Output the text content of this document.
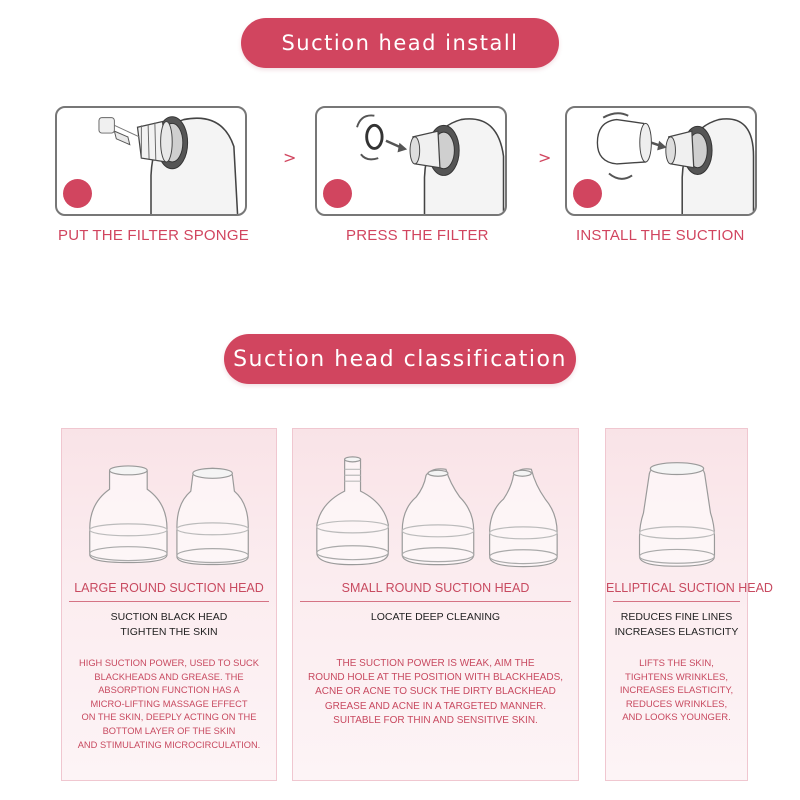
Suction head install
>	>
PUT THE FILTER SPONGE	PRESS THE FILTER	INSTALL THE SUCTION
Suction head classification
LARGE ROUND SUCTION HEAD
SUCTION BLACK HEAD
TIGHTEN THE SKIN
HIGH SUCTION POWER, USED TO SUCK
BLACKHEADS AND GREASE. THE
ABSORPTION FUNCTION HAS A
MICRO-LIFTING MASSAGE EFFECT
ON THE SKIN, DEEPLY ACTING ON THE
BOTTOM LAYER OF THE SKIN
AND STIMULATING MICROCIRCULATION.
SMALL ROUND SUCTION HEAD
LOCATE DEEP CLEANING
THE SUCTION POWER IS WEAK, AIM THE
ROUND HOLE AT THE POSITION WITH BLACKHEADS,
ACNE OR ACNE TO SUCK THE DIRTY BLACKHEAD
GREASE AND ACNE IN A TARGETED MANNER.
SUITABLE FOR THIN AND SENSITIVE SKIN.
ELLIPTICAL SUCTION HEAD
REDUCES FINE LINES
INCREASES ELASTICITY
LIFTS THE SKIN,
TIGHTENS WRINKLES,
INCREASES ELASTICITY,
REDUCES WRINKLES,
AND LOOKS YOUNGER.
